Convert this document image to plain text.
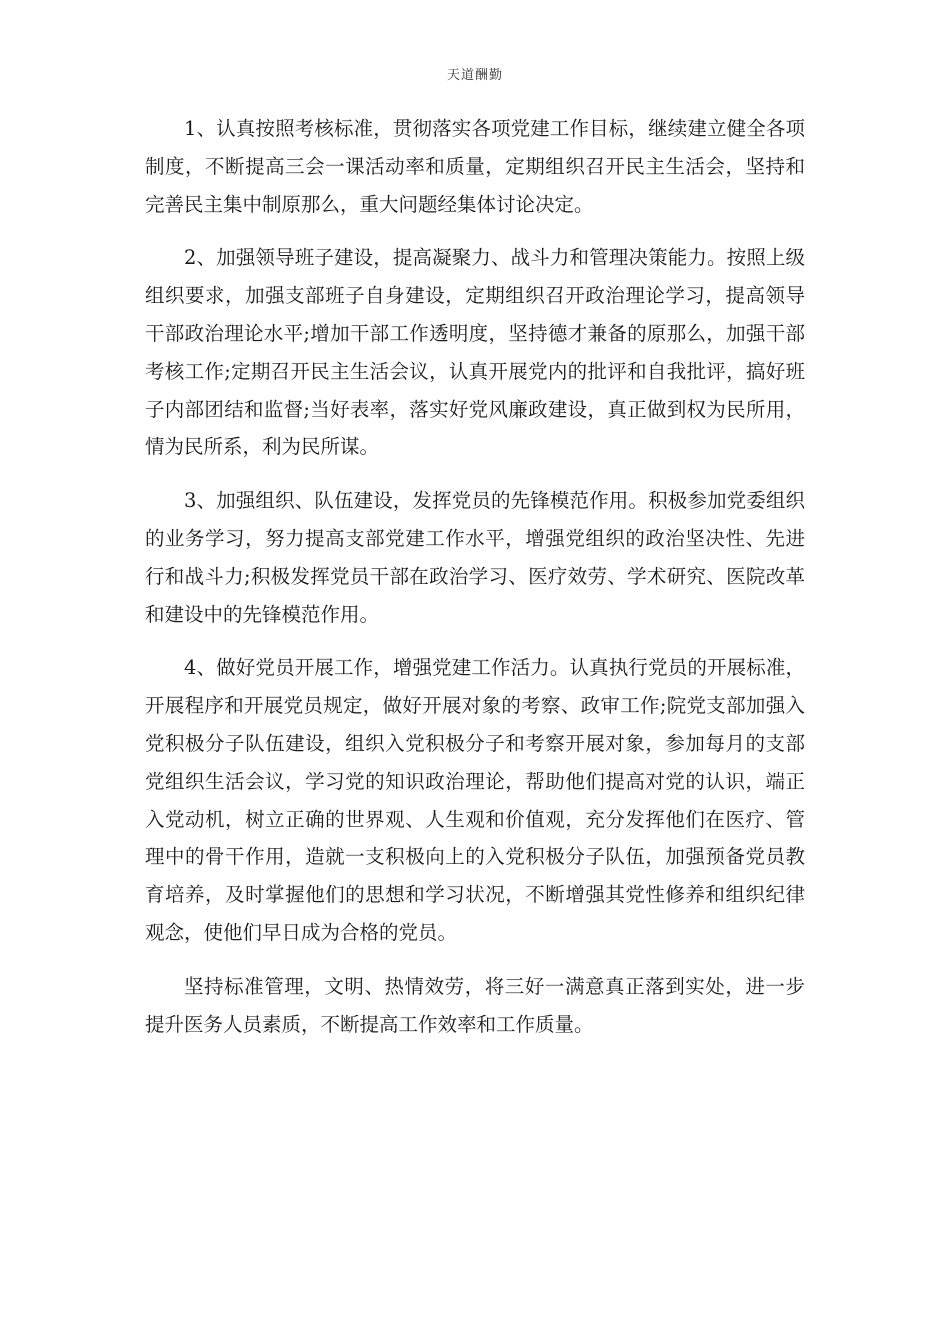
天道酬勤

1、认真按照考核标准，贯彻落实各项党建工作目标，继续建立健全各项制度，不断提高三会一课活动率和质量，定期组织召开民主生活会，坚持和完善民主集中制原那么，重大问题经集体讨论决定。

2、加强领导班子建设，提高凝聚力、战斗力和管理决策能力。按照上级组织要求，加强支部班子自身建设，定期组织召开政治理论学习，提高领导干部政治理论水平;增加干部工作透明度，坚持德才兼备的原那么，加强干部考核工作;定期召开民主生活会议，认真开展党内的批评和自我批评，搞好班子内部团结和监督;当好表率，落实好党风廉政建设，真正做到权为民所用，情为民所系，利为民所谋。

3、加强组织、队伍建设，发挥党员的先锋模范作用。积极参加党委组织的业务学习，努力提高支部党建工作水平，增强党组织的政治坚决性、先进行和战斗力;积极发挥党员干部在政治学习、医疗效劳、学术研究、医院改革和建设中的先锋模范作用。

4、做好党员开展工作，增强党建工作活力。认真执行党员的开展标准，开展程序和开展党员规定，做好开展对象的考察、政审工作;院党支部加强入党积极分子队伍建设，组织入党积极分子和考察开展对象，参加每月的支部党组织生活会议，学习党的知识政治理论，帮助他们提高对党的认识，端正入党动机，树立正确的世界观、人生观和价值观，充分发挥他们在医疗、管理中的骨干作用，造就一支积极向上的入党积极分子队伍，加强预备党员教育培养，及时掌握他们的思想和学习状况，不断增强其党性修养和组织纪律观念，使他们早日成为合格的党员。

坚持标准管理，文明、热情效劳，将三好一满意真正落到实处，进一步提升医务人员素质，不断提高工作效率和工作质量。
